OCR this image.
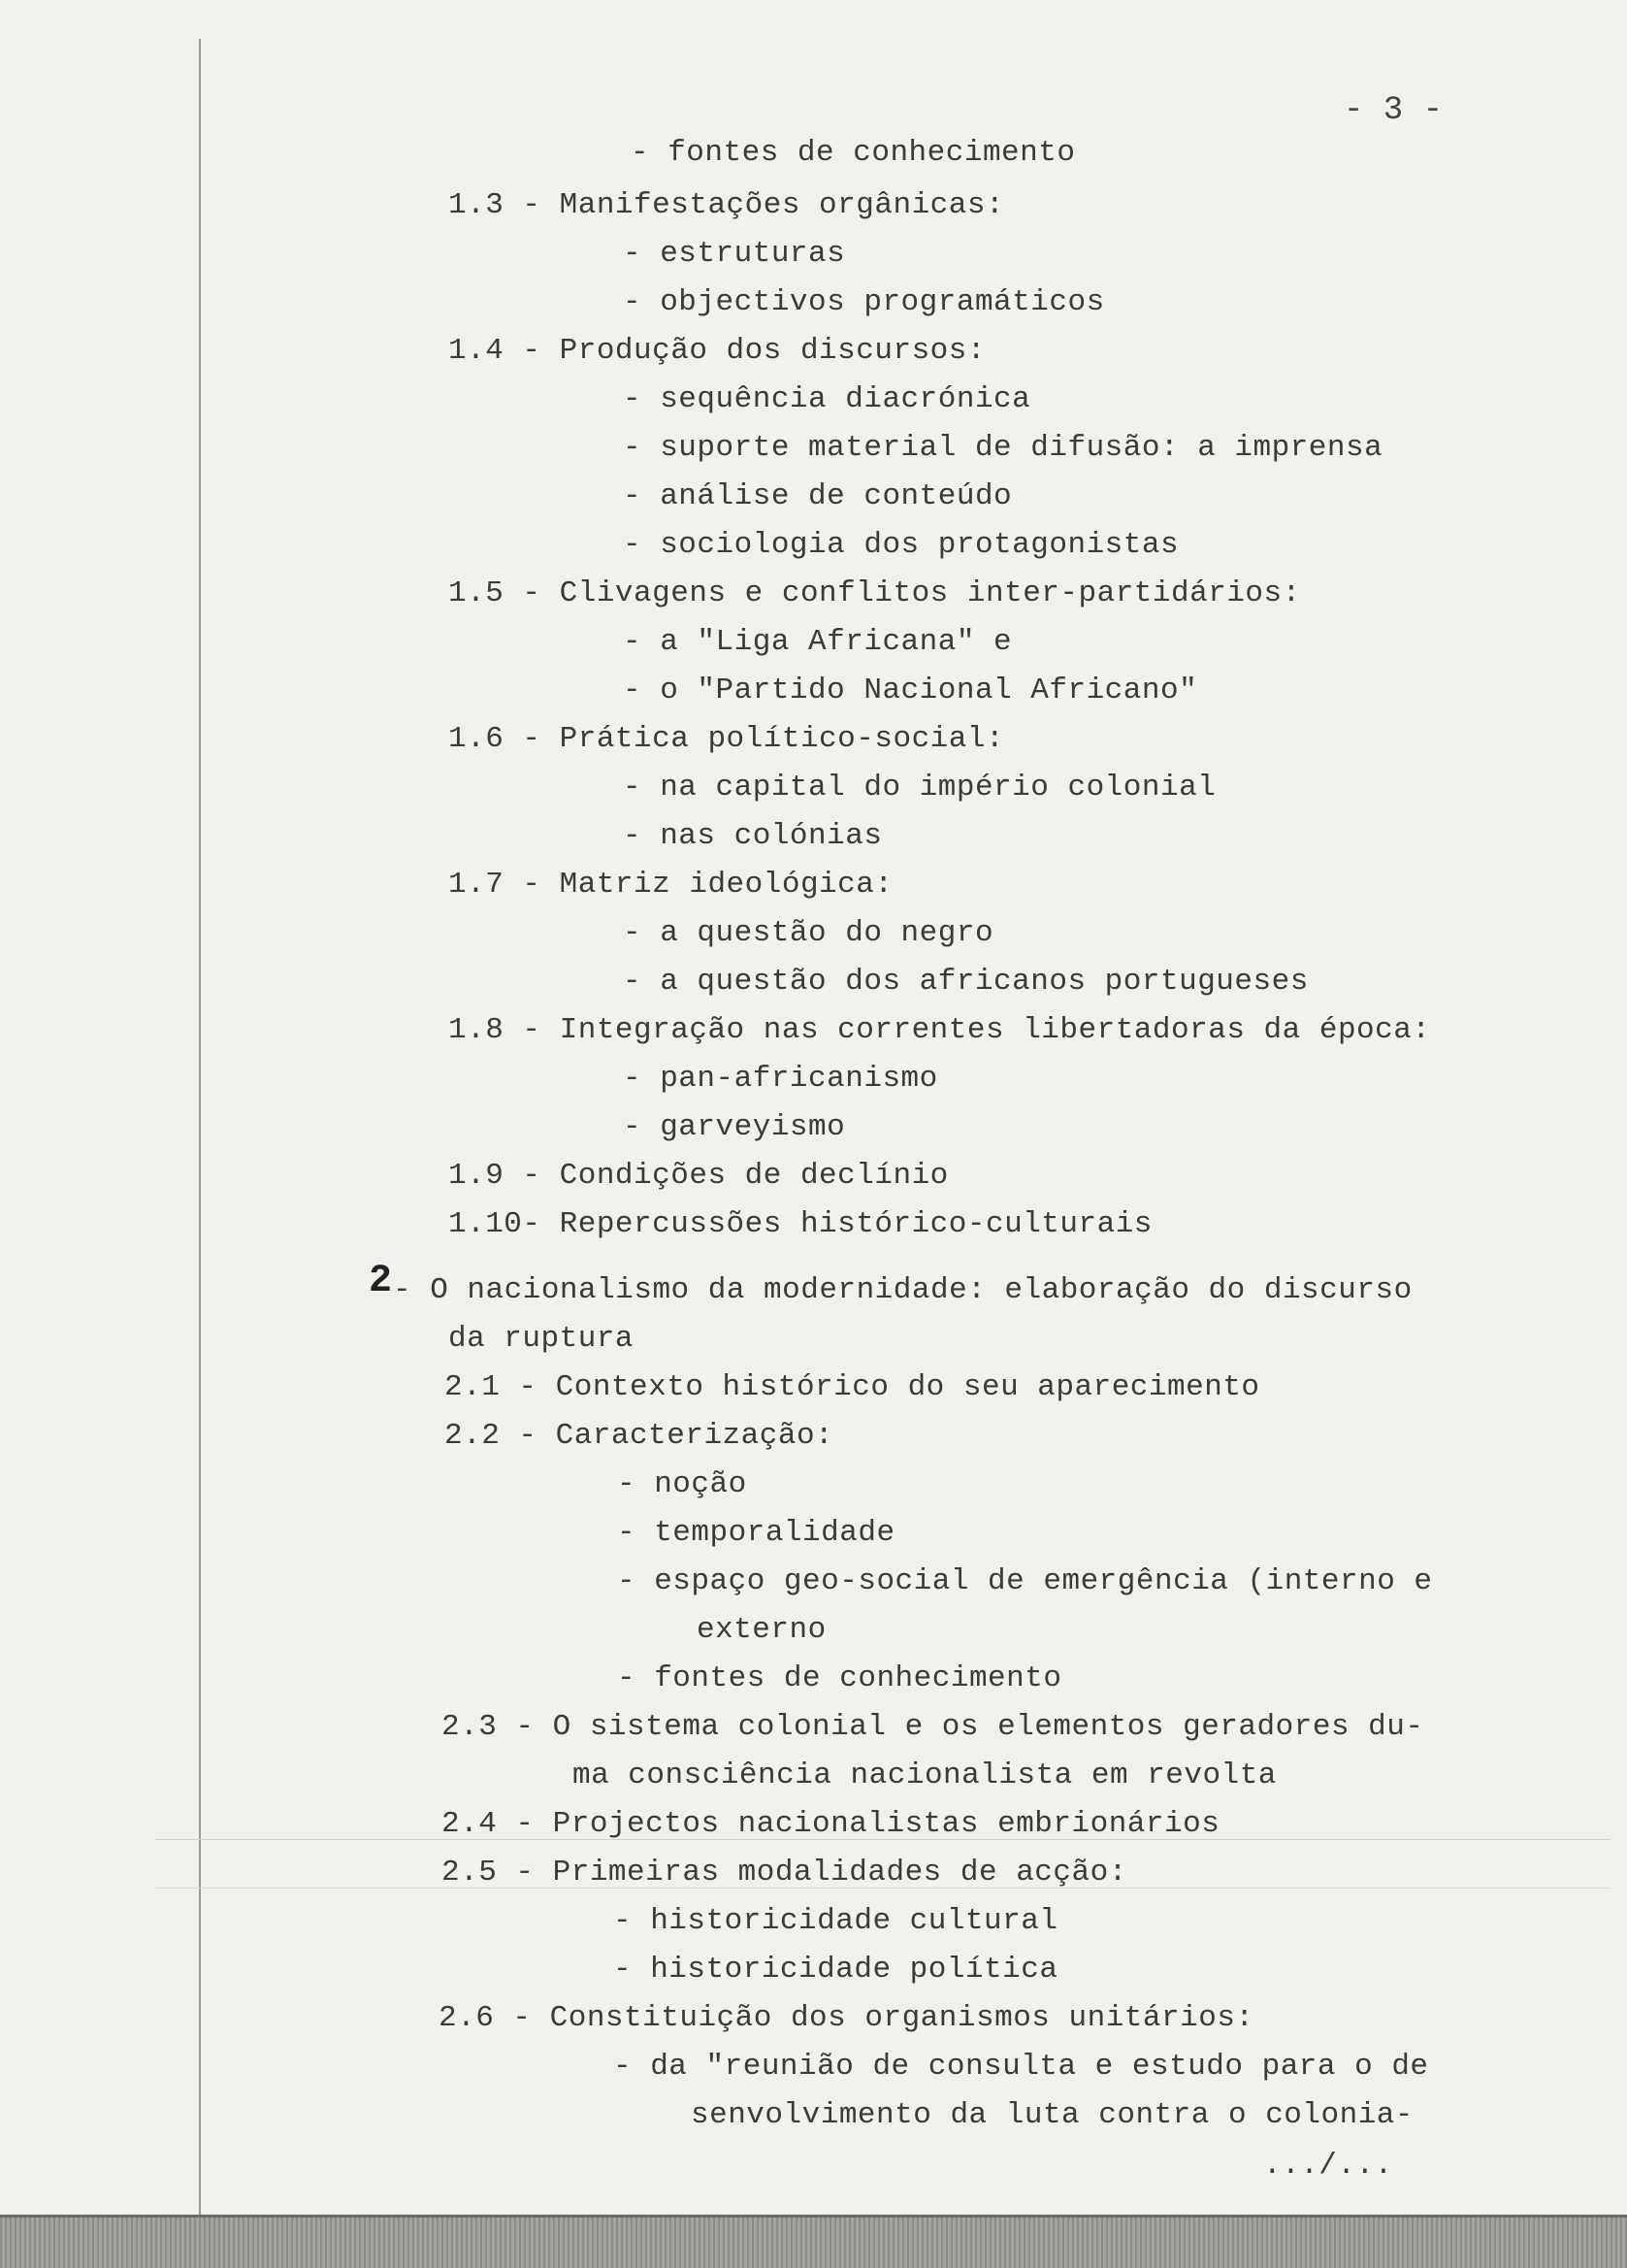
- 3 -
2
- fontes de conhecimento
1.3 - Manifestações orgânicas:
- estruturas
- objectivos programáticos
1.4 - Produção dos discursos:
- sequência diacrónica
- suporte material de difusão: a imprensa
- análise de conteúdo
- sociologia dos protagonistas
1.5 - Clivagens e conflitos inter-partidários:
- a "Liga Africana" e
- o "Partido Nacional Africano"
1.6 - Prática político-social:
- na capital do império colonial
- nas colónias
1.7 - Matriz ideológica:
- a questão do negro
- a questão dos africanos portugueses
1.8 - Integração nas correntes libertadoras da época:
- pan-africanismo
- garveyismo
1.9 - Condições de declínio
1.10- Repercussões histórico-culturais
- O nacionalismo da modernidade: elaboração do discurso
da ruptura
2.1 - Contexto histórico do seu aparecimento
2.2 - Caracterização:
- noção
- temporalidade
- espaço geo-social de emergência (interno e
externo
- fontes de conhecimento
2.3 - O sistema colonial e os elementos geradores du-
ma consciência nacionalista em revolta
2.4 - Projectos nacionalistas embrionários
2.5 - Primeiras modalidades de acção:
- historicidade cultural
- historicidade política
2.6 - Constituição dos organismos unitários:
- da "reunião de consulta e estudo para o de
senvolvimento da luta contra o colonia-
.../...
